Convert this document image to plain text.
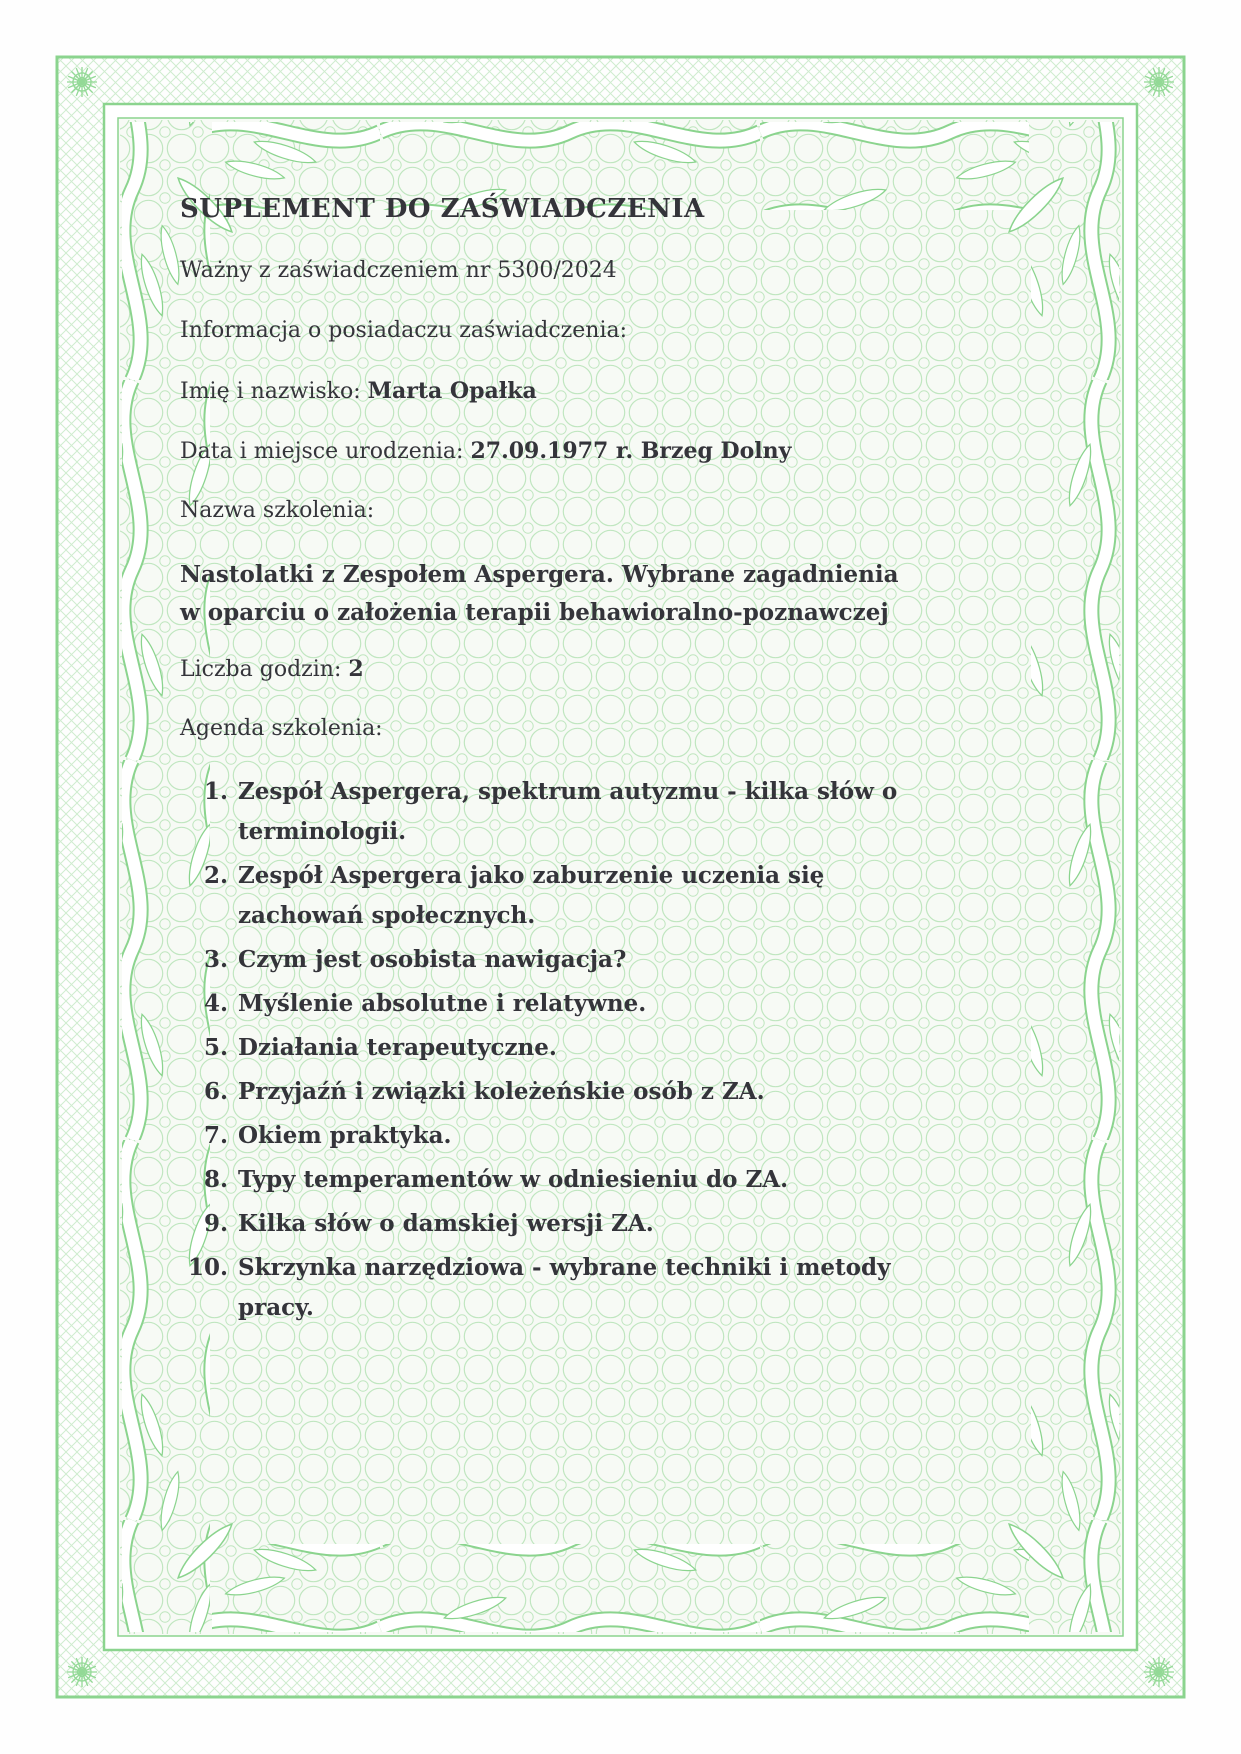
SUPLEMENT DO ZAŚWIADCZENIA

Ważny z zaświadczeniem nr 5300/2024

Informacja o posiadaczu zaświadczenia:

Imię i nazwisko: Marta Opałka

Data i miejsce urodzenia: 27.09.1977 r. Brzeg Dolny

Nazwa szkolenia:

Nastolatki z Zespołem Aspergera. Wybrane zagadnienia w oparciu o założenia terapii behawioralno-poznawczej

Liczba godzin: 2

Agenda szkolenia:

1. Zespół Aspergera, spektrum autyzmu - kilka słów o terminologii.
2. Zespół Aspergera jako zaburzenie uczenia się zachowań społecznych.
3. Czym jest osobista nawigacja?
4. Myślenie absolutne i relatywne.
5. Działania terapeutyczne.
6. Przyjaźń i związki koleżeńskie osób z ZA.
7. Okiem praktyka.
8. Typy temperamentów w odniesieniu do ZA.
9. Kilka słów o damskiej wersji ZA.
10. Skrzynka narzędziowa - wybrane techniki i metody pracy.
